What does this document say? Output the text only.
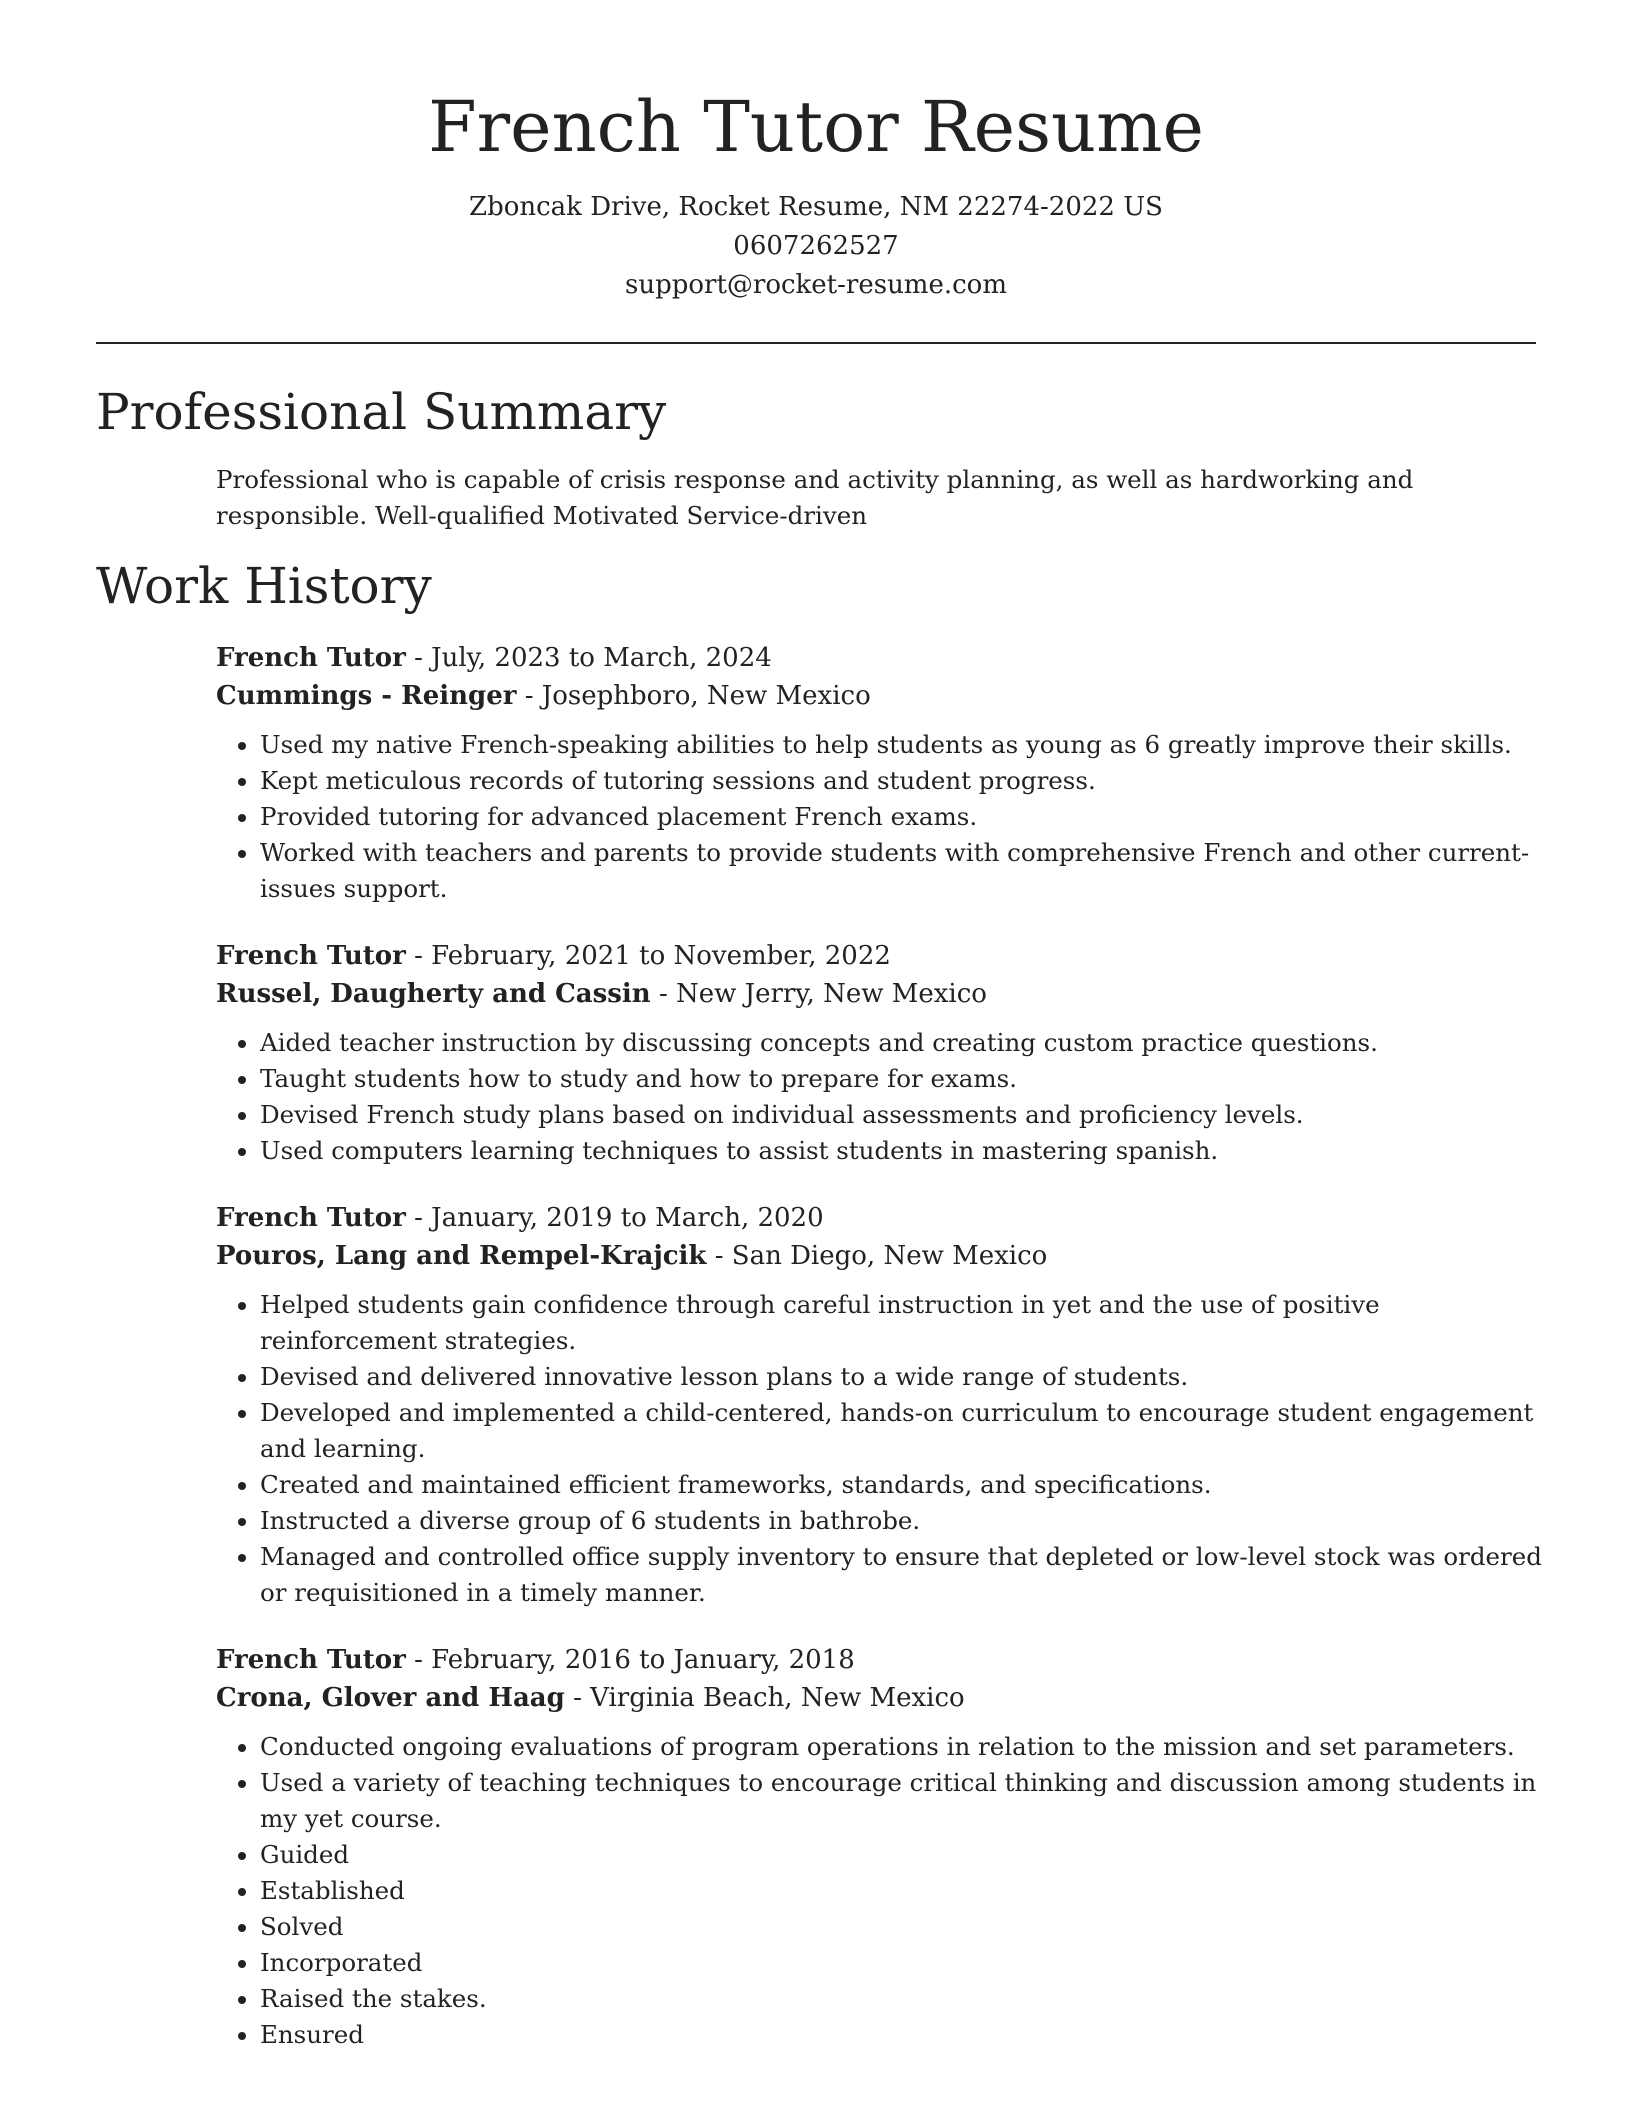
French Tutor Resume
Zboncak Drive, Rocket Resume, NM 22274-2022 US
0607262527
support@rocket-resume.com
Professional Summary
Professional who is capable of crisis response and activity planning, as well as hardworking and responsible. Well-qualified Motivated Service-driven
Work History
French Tutor - July, 2023 to March, 2024
Cummings - Reinger - Josephboro, New Mexico
• Used my native French-speaking abilities to help students as young as 6 greatly improve their skills.
• Kept meticulous records of tutoring sessions and student progress.
• Provided tutoring for advanced placement French exams.
• Worked with teachers and parents to provide students with comprehensive French and other current-issues support.
French Tutor - February, 2021 to November, 2022
Russel, Daugherty and Cassin - New Jerry, New Mexico
• Aided teacher instruction by discussing concepts and creating custom practice questions.
• Taught students how to study and how to prepare for exams.
• Devised French study plans based on individual assessments and proficiency levels.
• Used computers learning techniques to assist students in mastering spanish.
French Tutor - January, 2019 to March, 2020
Pouros, Lang and Rempel-Krajcik - San Diego, New Mexico
• Helped students gain confidence through careful instruction in yet and the use of positive reinforcement strategies.
• Devised and delivered innovative lesson plans to a wide range of students.
• Developed and implemented a child-centered, hands-on curriculum to encourage student engagement and learning.
• Created and maintained efficient frameworks, standards, and specifications.
• Instructed a diverse group of 6 students in bathrobe.
• Managed and controlled office supply inventory to ensure that depleted or low-level stock was ordered or requisitioned in a timely manner.
French Tutor - February, 2016 to January, 2018
Crona, Glover and Haag - Virginia Beach, New Mexico
• Conducted ongoing evaluations of program operations in relation to the mission and set parameters.
• Used a variety of teaching techniques to encourage critical thinking and discussion among students in my yet course.
• Guided
• Established
• Solved
• Incorporated
• Raised the stakes.
• Ensured
